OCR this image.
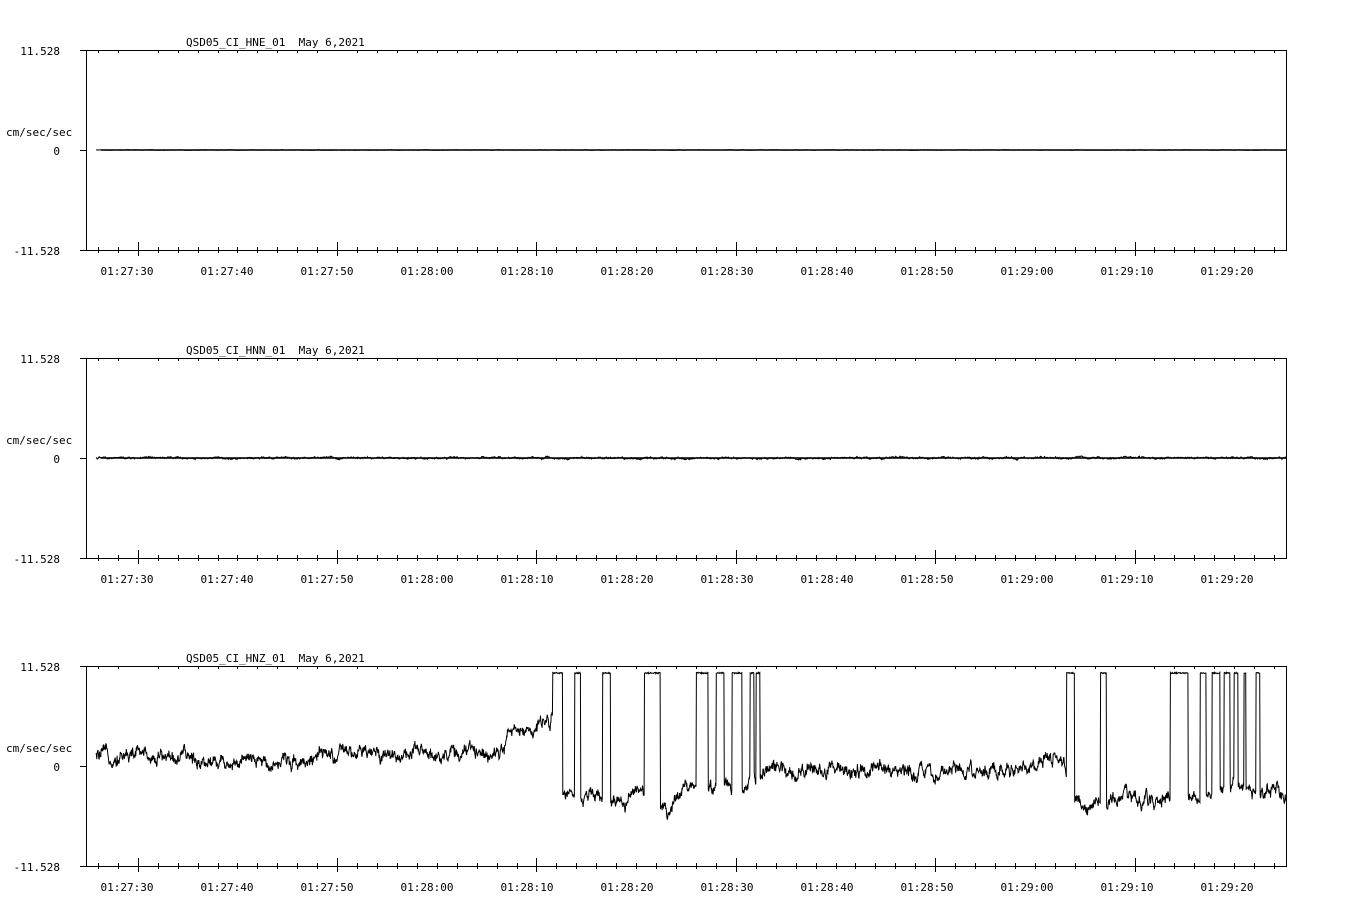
QSD05_CI_HNE_01  May 6,2021
cm/sec/sec
11.528
0
-11.528
01:27:30	01:27:40	01:27:50	01:28:00	01:28:10	01:28:20	01:28:30	01:28:40	01:28:50	01:29:00	01:29:10	01:29:20
QSD05_CI_HNN_01  May 6,2021
cm/sec/sec
11.528
0
-11.528
01:27:30	01:27:40	01:27:50	01:28:00	01:28:10	01:28:20	01:28:30	01:28:40	01:28:50	01:29:00	01:29:10	01:29:20
QSD05_CI_HNZ_01  May 6,2021
cm/sec/sec
11.528
0
-11.528
01:27:30	01:27:40	01:27:50	01:28:00	01:28:10	01:28:20	01:28:30	01:28:40	01:28:50	01:29:00	01:29:10	01:29:20
